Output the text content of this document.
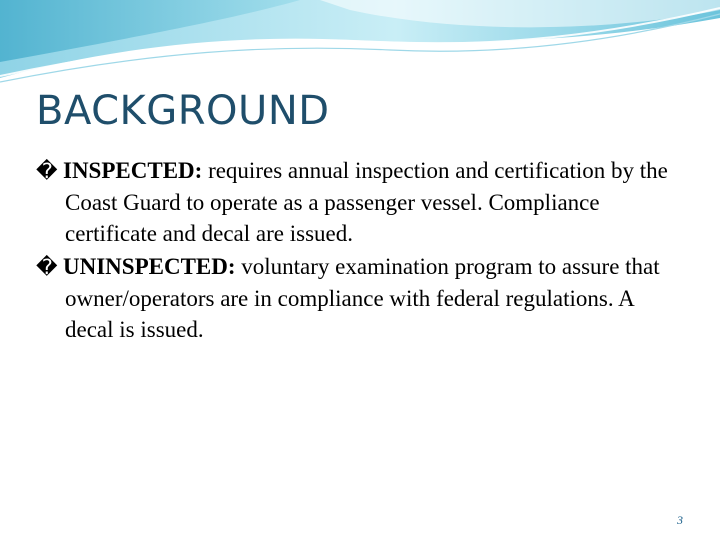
BACKGROUND
� INSPECTED: requires annual inspection and certification by the Coast Guard to operate as a passenger vessel. Compliance certificate and decal are issued.
� UNINSPECTED: voluntary examination program to assure that owner/operators are in compliance with federal regulations. A decal is issued.
3
